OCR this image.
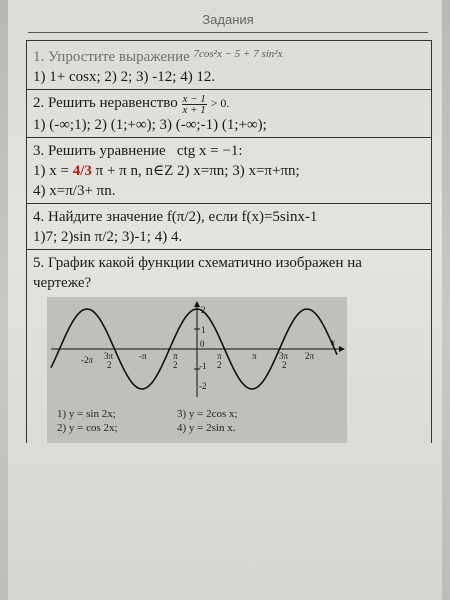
Задания
1. Упростите выражение $^{7cos^2x - 5 + 7 sin^2x}$
1) 1+ cosx; 2) 2; 3) -12; 4) 12.
2. Решить неравенство $\frac{x - 1}{x + 1} > 0$.
1) (-∞;1); 2) (1;+∞); 3) (-∞;-1) (1;+∞);
3. Решить уравнение ctg x = −1:
1) x = 4/3 π + π n, n∈Z 2) x=πn; 3) x=π+πn;
4) x=π/3+ πn.
4. Найдите значение f(π/2), если f(x)=5sinx-1
1)7; 2)sin π/2; 3)-1; 4) 4.
5. График какой функции схематично изображен на
чертеже?
-2π 3π
2
-π	π
2
0
π
2
π 3π
2
2π
x
2
1
-1
-2
1) y = sin 2x;	3) y = 2cos x;
2) y = cos 2x;	4) y = 2sin x.
